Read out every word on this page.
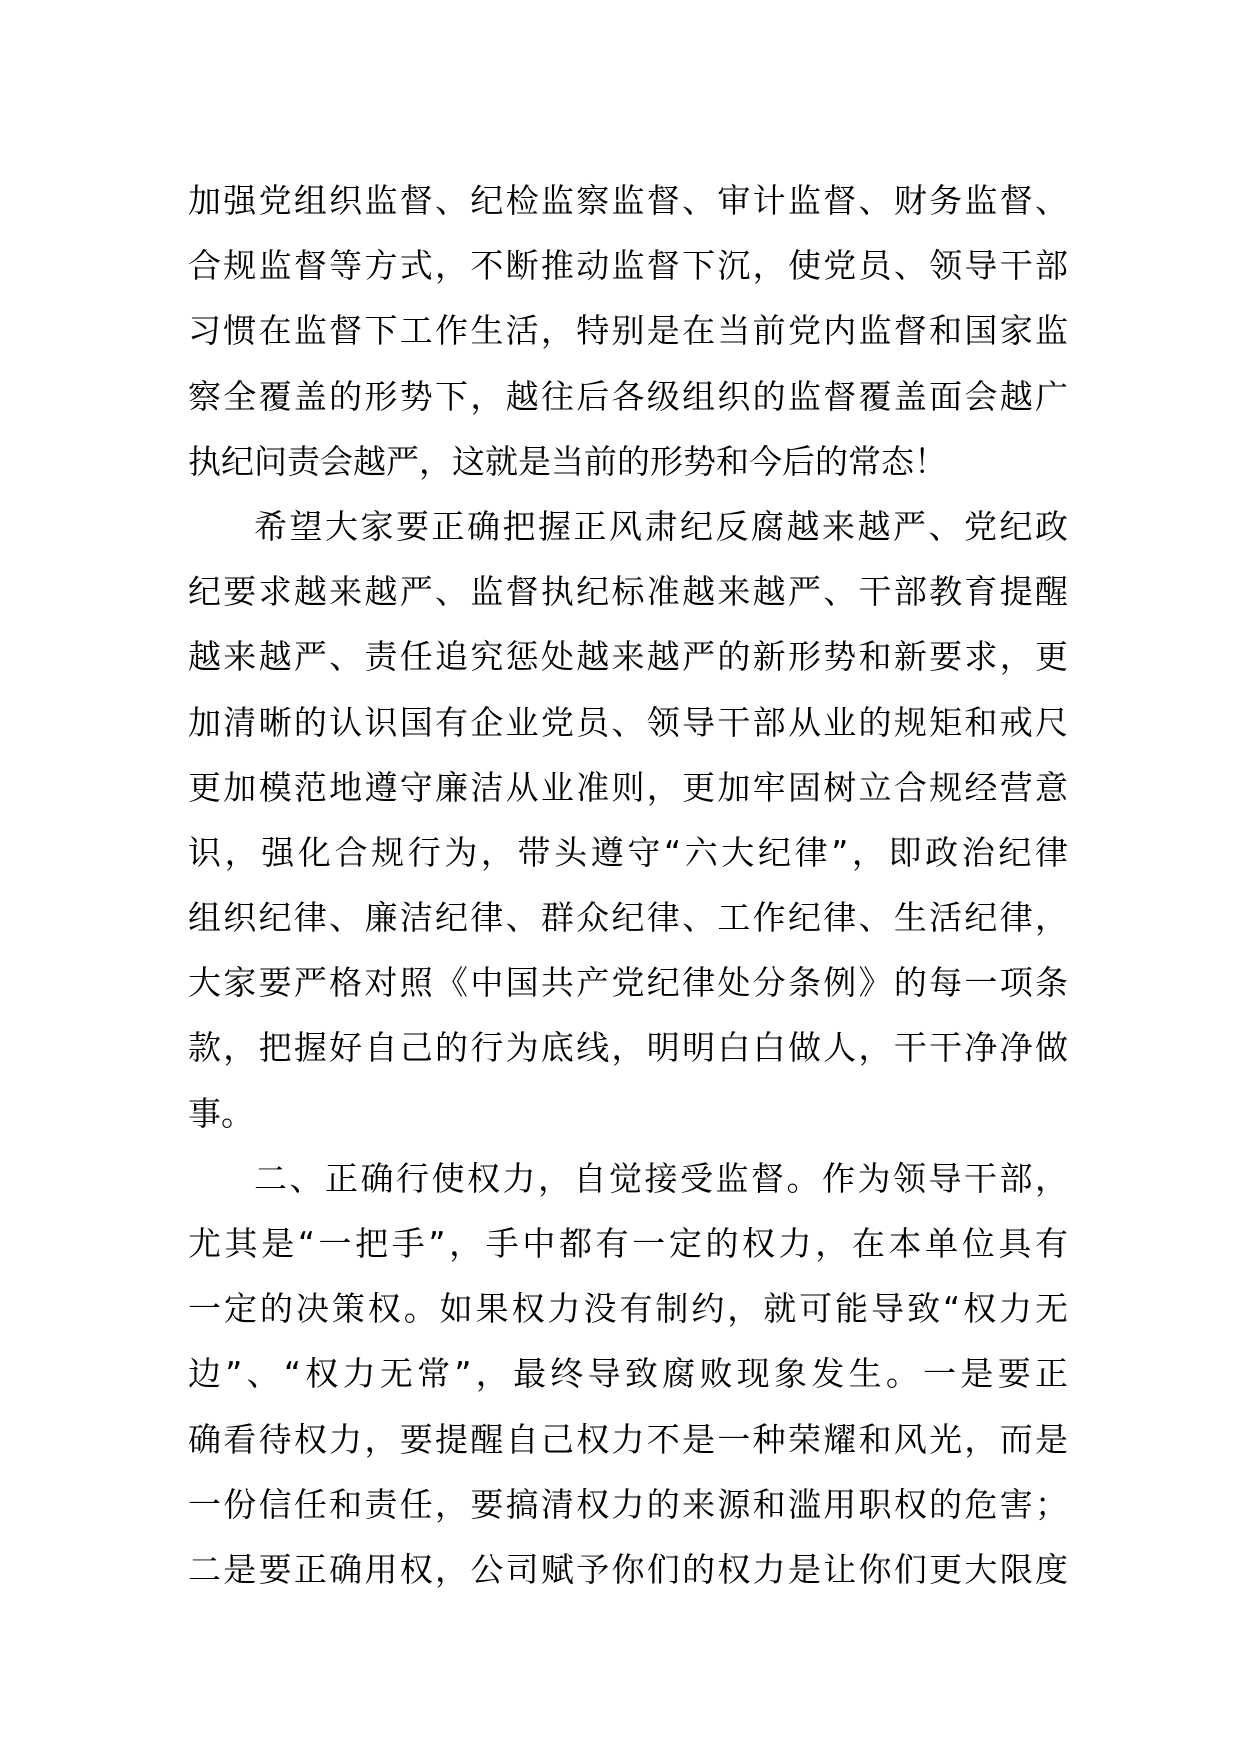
加强党组织监督、纪检监察监督、审计监督、财务监督、
合规监督等方式，不断推动监督下沉，使党员、领导干部
习惯在监督下工作生活，特别是在当前党内监督和国家监
察全覆盖的形势下，越往后各级组织的监督覆盖面会越广
执纪问责会越严，这就是当前的形势和今后的常态！
希望大家要正确把握正风肃纪反腐越来越严、党纪政
纪要求越来越严、监督执纪标准越来越严、干部教育提醒
越来越严、责任追究惩处越来越严的新形势和新要求，更
加清晰的认识国有企业党员、领导干部从业的规矩和戒尺
更加模范地遵守廉洁从业准则，更加牢固树立合规经营意
识，强化合规行为，带头遵守“六大纪律”，即政治纪律
组织纪律、廉洁纪律、群众纪律、工作纪律、生活纪律，
大家要严格对照《中国共产党纪律处分条例》的每一项条
款，把握好自己的行为底线，明明白白做人，干干净净做
事。
二、正确行使权力，自觉接受监督。作为领导干部，
尤其是“一把手”，手中都有一定的权力，在本单位具有
一定的决策权。如果权力没有制约，就可能导致“权力无
边”、“权力无常”，最终导致腐败现象发生。一是要正
确看待权力，要提醒自己权力不是一种荣耀和风光，而是
一份信任和责任，要搞清权力的来源和滥用职权的危害；
二是要正确用权，公司赋予你们的权力是让你们更大限度
